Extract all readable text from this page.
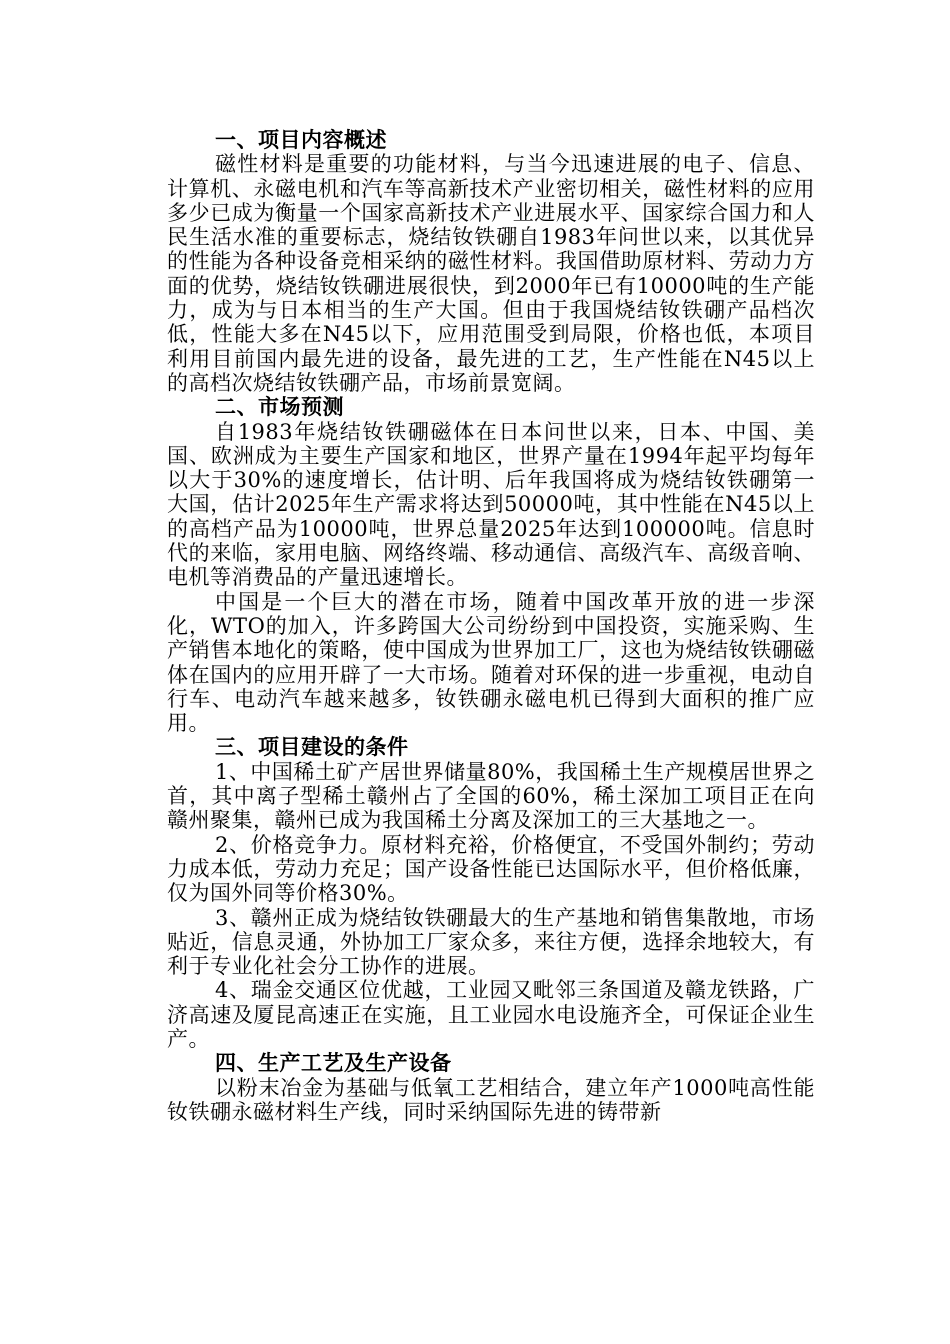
一、项目内容概述

磁性材料是重要的功能材料，与当今迅速进展的电子、信息、计算机、永磁电机和汽车等高新技术产业密切相关，磁性材料的应用多少已成为衡量一个国家高新技术产业进展水平、国家综合国力和人民生活水准的重要标志，烧结钕铁硼自1983年问世以来，以其优异的性能为各种设备竞相采纳的磁性材料。我国借助原材料、劳动力方面的优势，烧结钕铁硼进展很快，到2000年已有10000吨的生产能力，成为与日本相当的生产大国。但由于我国烧结钕铁硼产品档次低，性能大多在N45以下，应用范围受到局限，价格也低，本项目利用目前国内最先进的设备，最先进的工艺，生产性能在N45以上的高档次烧结钕铁硼产品，市场前景宽阔。

二、市场预测

自1983年烧结钕铁硼磁体在日本问世以来，日本、中国、美国、欧洲成为主要生产国家和地区，世界产量在1994年起平均每年以大于30%的速度增长，估计明、后年我国将成为烧结钕铁硼第一大国，估计2025年生产需求将达到50000吨，其中性能在N45以上的高档产品为10000吨，世界总量2025年达到100000吨。信息时代的来临，家用电脑、网络终端、移动通信、高级汽车、高级音响、电机等消费品的产量迅速增长。

中国是一个巨大的潜在市场，随着中国改革开放的进一步深化，WTO的加入，许多跨国大公司纷纷到中国投资，实施采购、生产销售本地化的策略，使中国成为世界加工厂，这也为烧结钕铁硼磁体在国内的应用开辟了一大市场。随着对环保的进一步重视，电动自行车、电动汽车越来越多，钕铁硼永磁电机已得到大面积的推广应用。

三、项目建设的条件

1、中国稀土矿产居世界储量80%，我国稀土生产规模居世界之首，其中离子型稀土赣州占了全国的60%，稀土深加工项目正在向赣州聚集，赣州已成为我国稀土分离及深加工的三大基地之一。

2、价格竞争力。原材料充裕，价格便宜，不受国外制约；劳动力成本低，劳动力充足；国产设备性能已达国际水平，但价格低廉，仅为国外同等价格30%。

3、赣州正成为烧结钕铁硼最大的生产基地和销售集散地，市场贴近，信息灵通，外协加工厂家众多，来往方便，选择余地较大，有利于专业化社会分工协作的进展。

4、瑞金交通区位优越，工业园又毗邻三条国道及赣龙铁路，广济高速及厦昆高速正在实施，且工业园水电设施齐全，可保证企业生产。

四、生产工艺及生产设备

以粉末冶金为基础与低氧工艺相结合，建立年产1000吨高性能钕铁硼永磁材料生产线，同时采纳国际先进的铸带新
